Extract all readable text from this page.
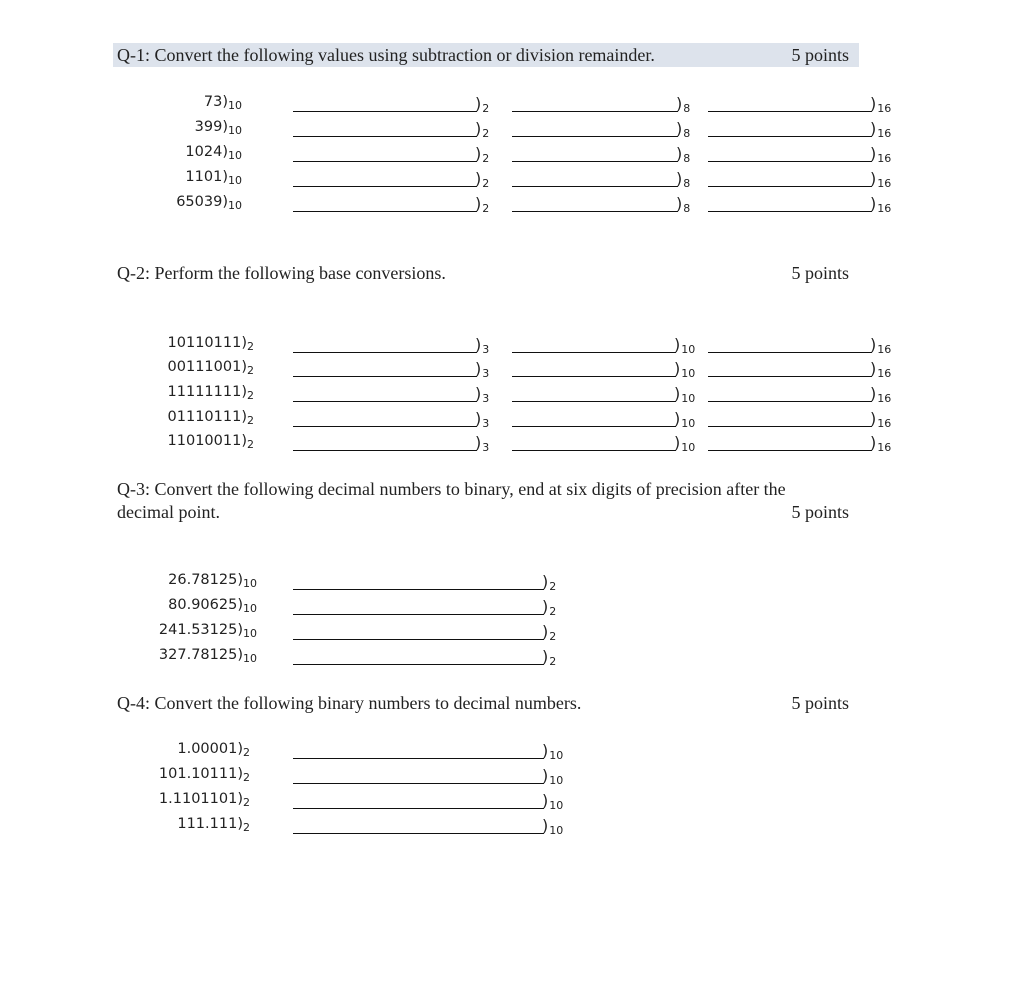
Q-1: Convert the following values using subtraction or division remainder.	5 points
$73)_{10}$	)$_2$	)$_8$	)$_{16}$
$399)_{10}$	)$_2$	)$_8$	)$_{16}$
$1024)_{10}$	)$_2$	)$_8$	)$_{16}$
$1101)_{10}$	)$_2$	)$_8$	)$_{16}$
$65039)_{10}$	)$_2$	)$_8$	)$_{16}$
Q-2: Perform the following base conversions.	5 points
$10110111)_2$	)$_3$	)$_{10}$	)$_{16}$
$00111001)_2$	)$_3$	)$_{10}$	)$_{16}$
$11111111)_2$	)$_3$	)$_{10}$	)$_{16}$
$01110111)_2$	)$_3$	)$_{10}$	)$_{16}$
$11010011)_2$	)$_3$	)$_{10}$	)$_{16}$
Q-3: Convert the following decimal numbers to binary, end at six digits of precision after the
decimal point.	5 points
$26.78125)_{10}$	)$_2$
$80.90625)_{10}$	)$_2$
$241.53125)_{10}$	)$_2$
$327.78125)_{10}$	)$_2$
Q-4: Convert the following binary numbers to decimal numbers.	5 points
$1.00001)_2$	)$_{10}$
$101.10111)_2$	)$_{10}$
$1.1101101)_2$	)$_{10}$
$111.111)_2$	)$_{10}$
